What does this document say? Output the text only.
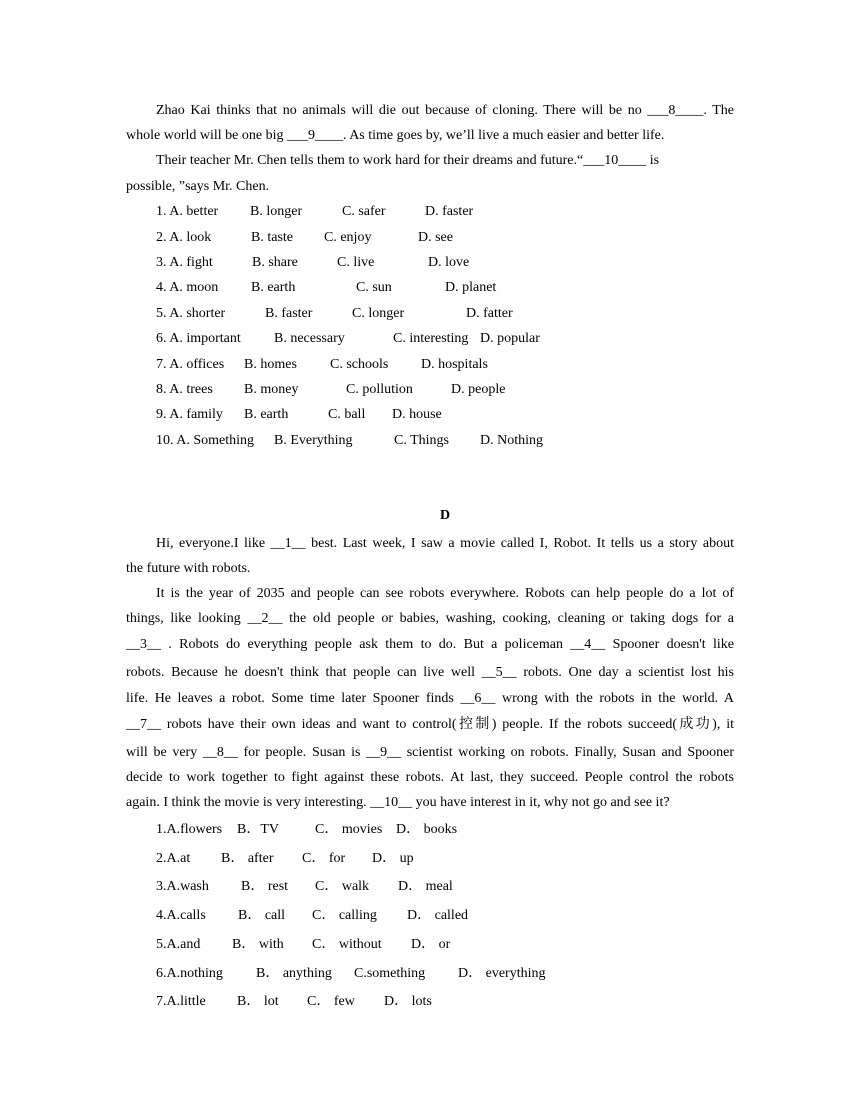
Zhao Kai thinks that no animals will die out because of cloning. There will be no ___8____. The

whole world will be one big ___9____. As time goes by, we’ll live a much easier and better life.

Their teacher Mr. Chen tells them to work hard for their dreams and future.“___10____ is

possible, ”says Mr. Chen.

1. A. better B. longer	C. safer	D. faster
2. A. look	B. taste C. enjoy	D. see
3. A. fight	B. share	C. live	D. love
4. A. moon B. earth	C. sun	D. planet
5. A. shorter	B. faster	C. longer	D. fatter
6. A. important B. necessary	C. interesting D. popular
7. A. offices B. homes C. schools D. hospitals
8. A. trees B. money	C. pollution	D. people
9. A. family B. earth	C. ball D. house
10. A. Something B. Everything	C. Things D. Nothing
D

Hi, everyone.I like __1__ best. Last week, I saw a movie called I, Robot. It tells us a story about

the future with robots.

It is the year of 2035 and people can see robots everywhere. Robots can help people do a lot of

things, like looking __2__ the old people or babies, washing, cooking, cleaning or taking dogs for a

__3__ . Robots do everything people ask them to do. But a policeman __4__ Spooner doesn't like

robots. Because he doesn't think that people can live well __5__ robots. One day a scientist lost his

life. He leaves a robot. Some time later Spooner finds __6__ wrong with the robots in the world. A

__7__ robots have their own ideas and want to control(控制) people. If the robots succeed(成功), it

will be very __8__ for people. Susan is __9__ scientist working on robots. Finally, Susan and Spooner

decide to work together to fight against these robots. At last, they succeed. People control the robots

again. I think the movie is very interesting. __10__ you have interest in it, why not go and see it?

1.A.flowers B．TV	C． movies D． books
2.A.at B． after C． for D． up
3.A.wash B． rest C． walk D． meal
4.A.calls B． call C． calling D． called
5.A.and B． with C． without D． or
6.A.nothing B． anything C.something D． everything
7.A.little B． lot C． few D． lots
